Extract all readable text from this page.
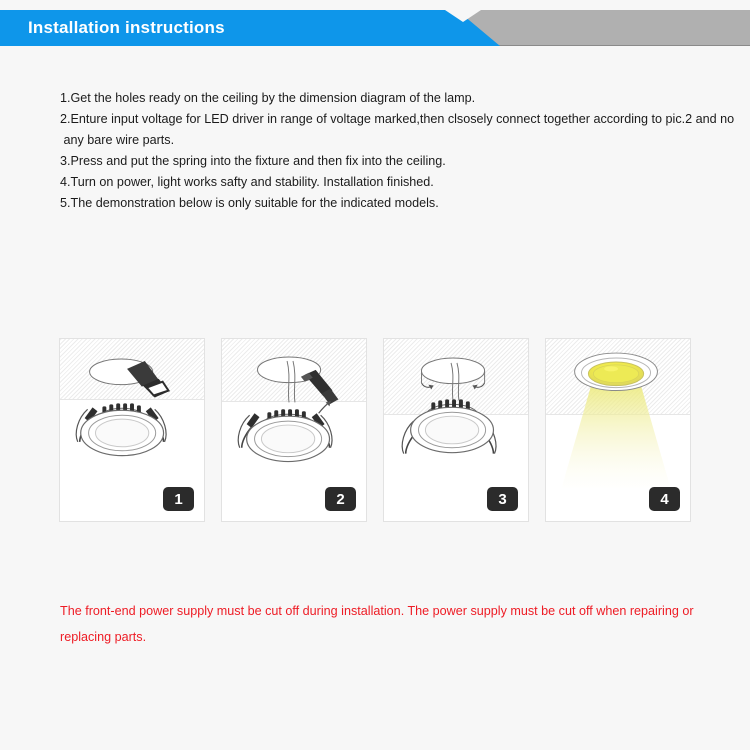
Installation instructions
1.Get the holes ready on the ceiling by the dimension diagram of the lamp.
2.Enture input voltage for LED driver in range of voltage marked,then clsosely connect together according to pic.2 and no
any bare wire parts.
3.Press and put the spring into the fixture and then fix into the ceiling.
4.Turn on power, light works safty and stability. Installation finished.
5.The demonstration below is only suitable for the indicated models.
1	2	3	4
The front-end power supply must be cut off during installation. The power supply must be cut off when repairing or
replacing parts.
